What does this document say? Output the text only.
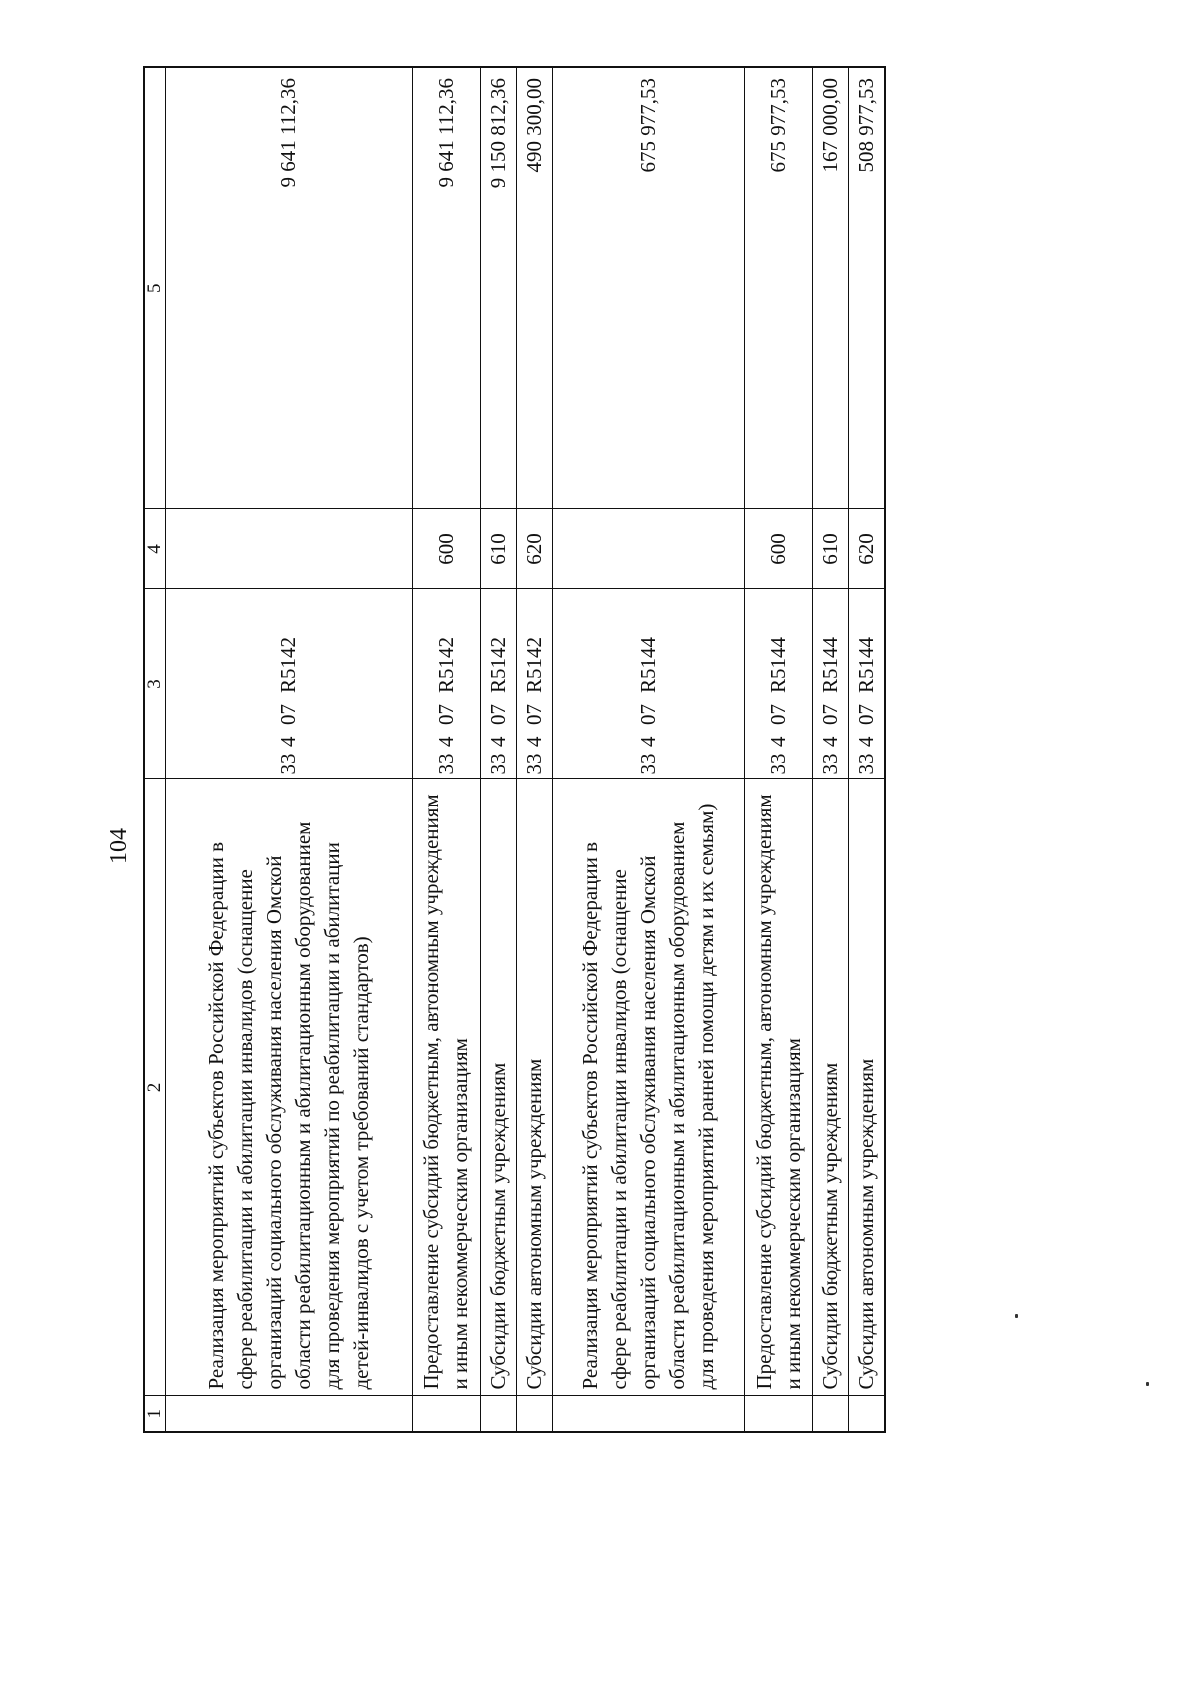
104
1	2	3				4	5
	Реализация мероприятий субъектов Российской Федерации в сфере реабилитации и абилитации инвалидов (оснащение организаций социального обслуживания населения Омской области реабилитационным и абилитационным оборудованием для проведения мероприятий по реабилитации и абилитации детей-инвалидов с учетом требований стандартов)	33	4	07	R5142		9 641 112,36
	Предоставление субсидий бюджетным, автономным учреждениям и иным некоммерческим организациям	33	4	07	R5142	600	9 641 112,36
	Субсидии бюджетным учреждениям	33	4	07	R5142	610	9 150 812,36
	Субсидии автономным учреждениям	33	4	07	R5142	620	490 300,00
	Реализация мероприятий субъектов Российской Федерации в сфере реабилитации и абилитации инвалидов (оснащение организаций социального обслуживания населения Омской области реабилитационным и абилитационным оборудованием для проведения мероприятий ранней помощи детям и их семьям)	33	4	07	R5144		675 977,53
	Предоставление субсидий бюджетным, автономным учреждениям и иным некоммерческим организациям	33	4	07	R5144	600	675 977,53
	Субсидии бюджетным учреждениям	33	4	07	R5144	610	167 000,00
	Субсидии автономным учреждениям	33	4	07	R5144	620	508 977,53
